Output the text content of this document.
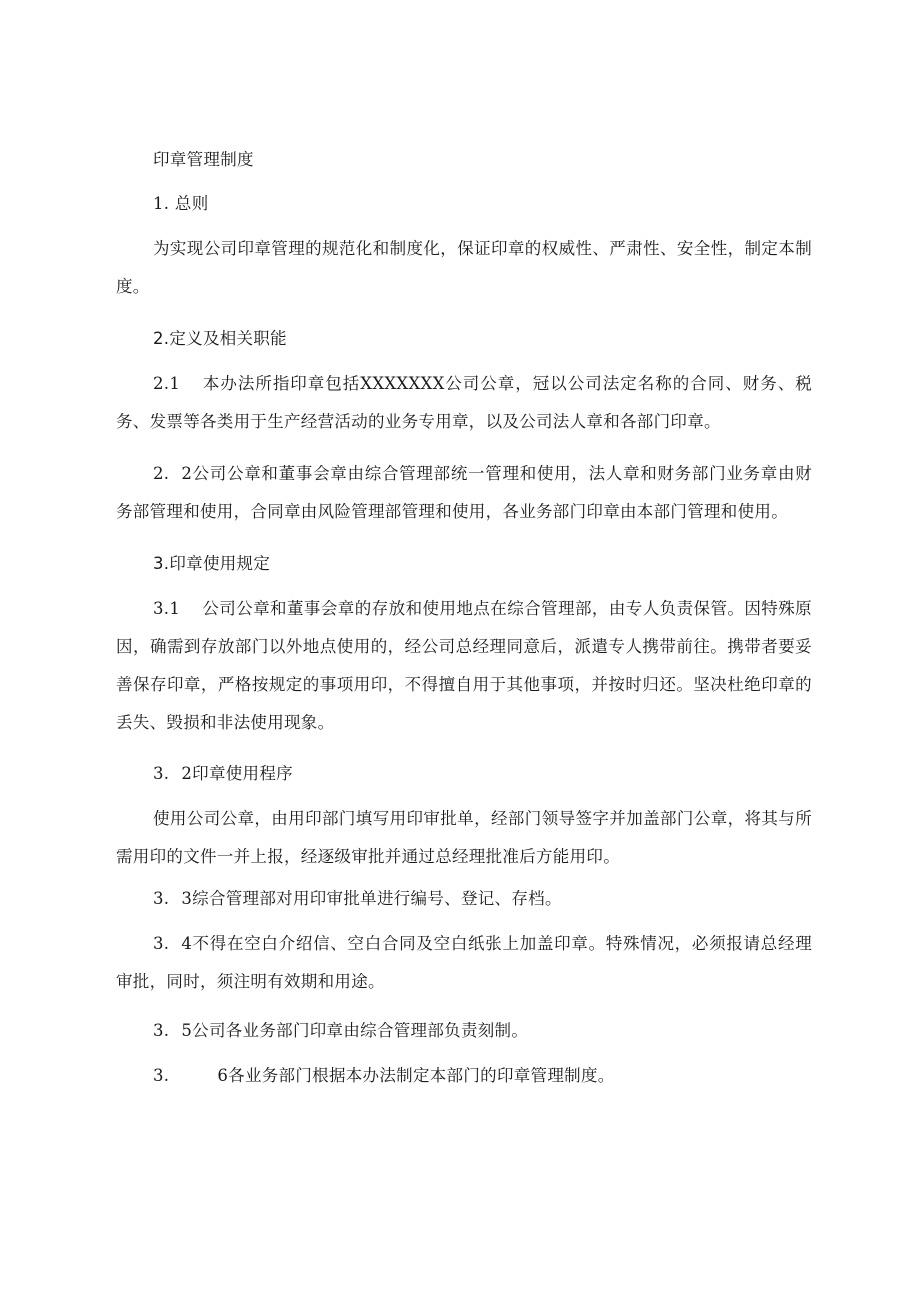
印章管理制度

1. 总则

为实现公司印章管理的规范化和制度化，保证印章的权威性、严肃性、安全性，制定本制度。

2.定义及相关职能

2.1 本办法所指印章包括XXXXXXX公司公章，冠以公司法定名称的合同、财务、税务、发票等各类用于生产经营活动的业务专用章，以及公司法人章和各部门印章。

2. 2公司公章和董事会章由综合管理部统一管理和使用，法人章和财务部门业务章由财务部管理和使用，合同章由风险管理部管理和使用，各业务部门印章由本部门管理和使用。

3.印章使用规定

3.1 公司公章和董事会章的存放和使用地点在综合管理部，由专人负责保管。因特殊原因，确需到存放部门以外地点使用的，经公司总经理同意后，派遣专人携带前往。携带者要妥善保存印章，严格按规定的事项用印，不得擅自用于其他事项，并按时归还。坚决杜绝印章的丢失、毁损和非法使用现象。

3. 2印章使用程序

使用公司公章，由用印部门填写用印审批单，经部门领导签字并加盖部门公章，将其与所需用印的文件一并上报，经逐级审批并通过总经理批准后方能用印。

3. 3综合管理部对用印审批单进行编号、登记、存档。

3. 4不得在空白介绍信、空白合同及空白纸张上加盖印章。特殊情况，必须报请总经理审批，同时，须注明有效期和用途。

3. 5公司各业务部门印章由综合管理部负责刻制。

3.	6各业务部门根据本办法制定本部门的印章管理制度。
